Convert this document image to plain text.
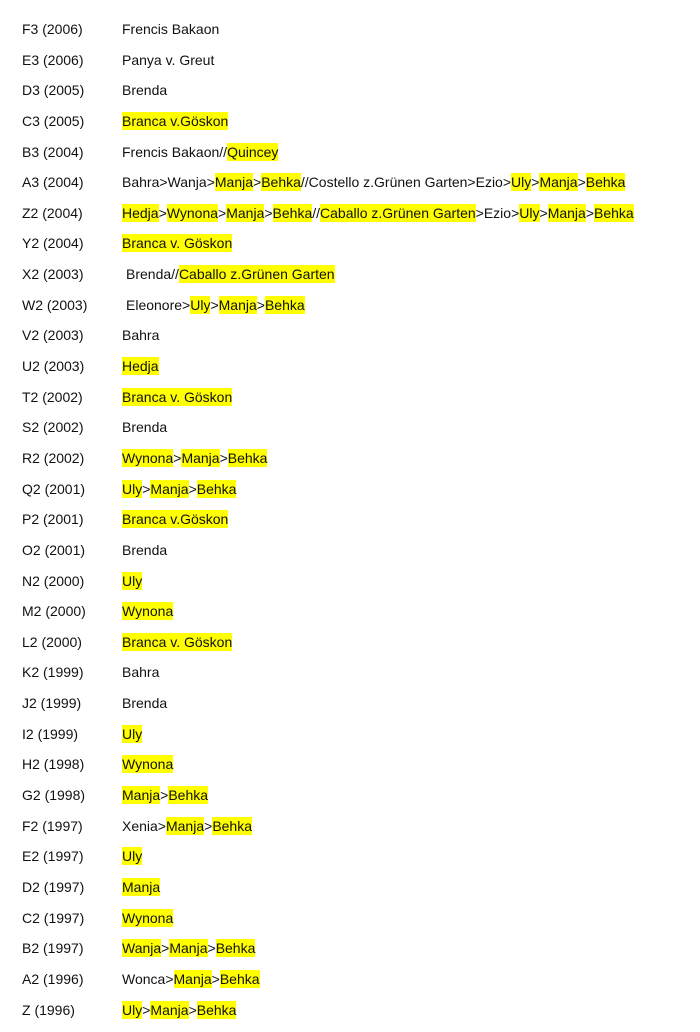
F3 (2006)	Frencis Bakaon
E3 (2006)	Panya v. Greut
D3 (2005)	Brenda
C3 (2005)	Branca v.Göskon
B3 (2004)	Frencis Bakaon//Quincey
A3 (2004)	Bahra>Wanja>Manja>Behka//Costello z.Grünen Garten>Ezio>Uly>Manja>Behka
Z2 (2004)	Hedja>Wynona>Manja>Behka//Caballo z.Grünen Garten>Ezio>Uly>Manja>Behka
Y2 (2004)	Branca v. Göskon
X2 (2003)	Brenda//Caballo z.Grünen Garten
W2 (2003)	Eleonore>Uly>Manja>Behka
V2 (2003)	Bahra
U2 (2003)	Hedja
T2 (2002)	Branca v. Göskon
S2 (2002)	Brenda
R2 (2002)	Wynona>Manja>Behka
Q2 (2001)	Uly>Manja>Behka
P2 (2001)	Branca v.Göskon
O2 (2001)	Brenda
N2 (2000)	Uly
M2 (2000)	Wynona
L2 (2000)	Branca v. Göskon
K2 (1999)	Bahra
J2 (1999)	Brenda
I2 (1999)	Uly
H2 (1998)	Wynona
G2 (1998)	Manja>Behka
F2 (1997)	Xenia>Manja>Behka
E2 (1997)	Uly
D2 (1997)	Manja
C2 (1997)	Wynona
B2 (1997)	Wanja>Manja>Behka
A2 (1996)	Wonca>Manja>Behka
Z (1996)	Uly>Manja>Behka
